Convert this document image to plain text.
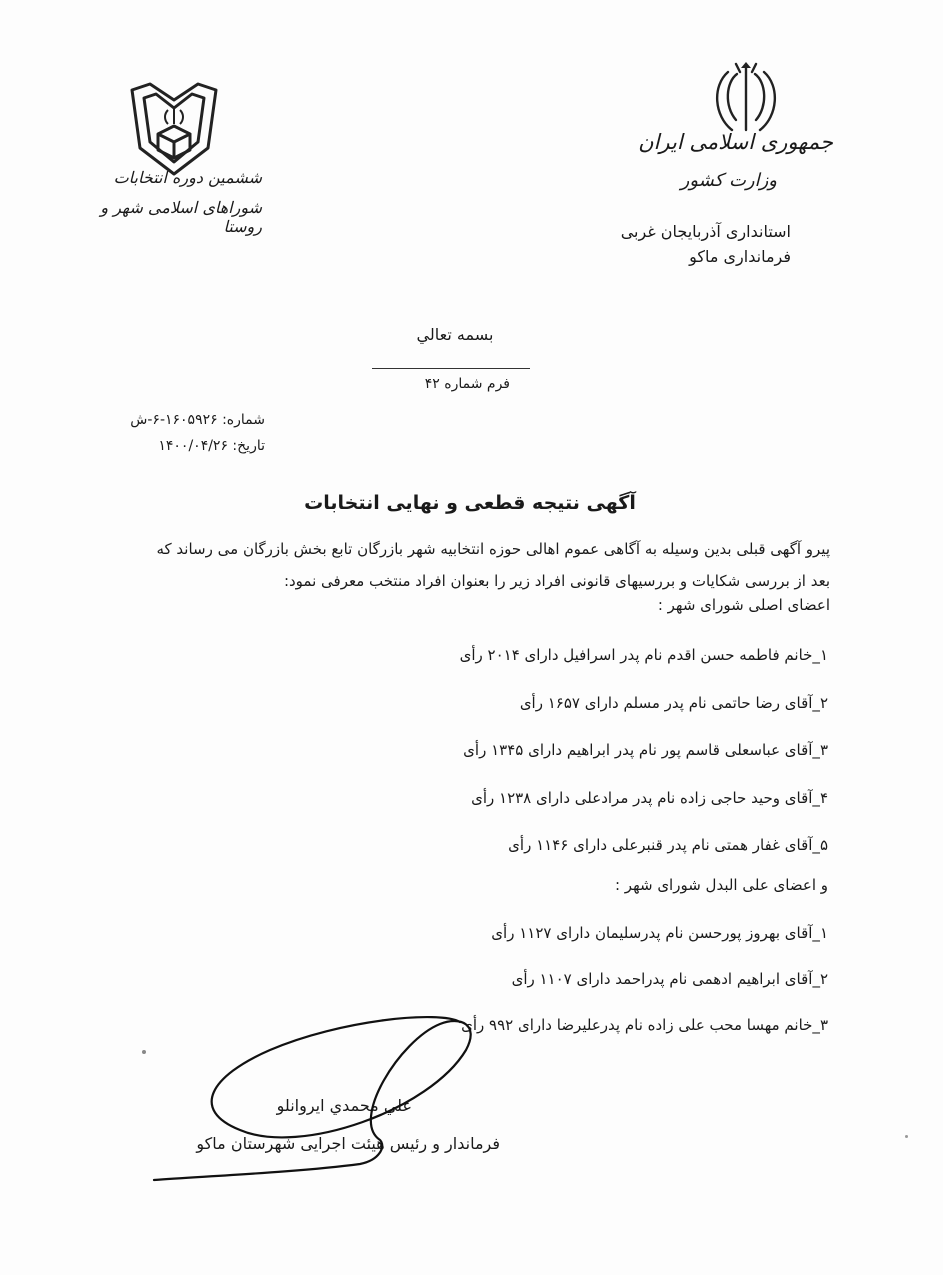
جمهوری اسلامی ایران
وزارت کشور
استانداری آذربایجان غربی
فرمانداری ماکو
ششمین دوره انتخابات
شوراهای اسلامی شهر و روستا
بسمه تعالي
فرم شماره ۴۲
شماره: ۱۶۰۵۹۲۶-۶-ش
تاریخ: ۱۴۰۰/۰۴/۲۶
آگهی نتیجه قطعی و نهایی انتخابات
پیرو آگهی قبلی بدین وسیله به آگاهی عموم اهالی حوزه انتخابیه شهر بازرگان تابع بخش بازرگان می رساند که
بعد از بررسی شکایات و بررسیهای قانونی افراد زیر را بعنوان افراد منتخب معرفی نمود:
اعضای اصلی شورای شهر :
۱_خانم فاطمه حسن اقدم نام پدر اسرافیل دارای ۲۰۱۴ رأی
۲_آقای رضا حاتمی نام پدر مسلم دارای ۱۶۵۷ رأی
۳_آقای عباسعلی قاسم پور نام پدر ابراهیم دارای ۱۳۴۵ رأی
۴_آقای وحید حاجی زاده نام پدر مرادعلی دارای ۱۲۳۸ رأی
۵_آقای غفار همتی نام پدر قنبرعلی دارای ۱۱۴۶ رأی
و اعضای علی البدل شورای شهر :
۱_آقای بهروز پورحسن نام پدرسلیمان دارای ۱۱۲۷ رأی
۲_آقای ابراهیم ادهمی نام پدراحمد دارای ۱۱۰۷ رأی
۳_خانم مهسا محب علی زاده نام پدرعلیرضا دارای ۹۹۲ رأی
علي محمدي ايروانلو
فرماندار و رئیس هیئت اجرایی شهرستان ماکو
